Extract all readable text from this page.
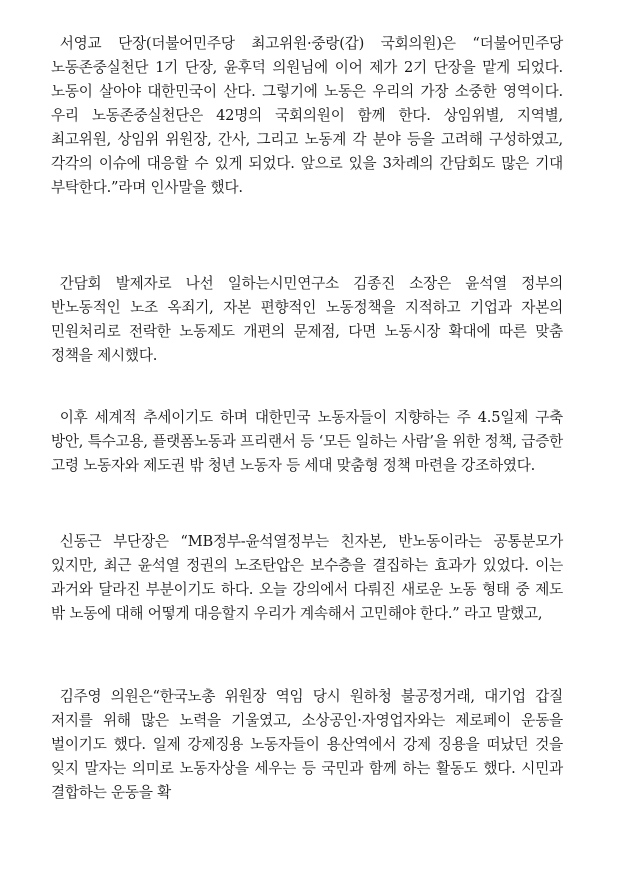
서영교 단장(더불어민주당 최고위원·중랑(갑) 국회의원)은 “더불어민주당 노동존중실천단 1기 단장, 윤후덕 의원님에 이어 제가 2기 단장을 맡게 되었다. 노동이 살아야 대한민국이 산다. 그렇기에 노동은 우리의 가장 소중한 영역이다. 우리 노동존중실천단은 42명의 국회의원이 함께 한다. 상임위별, 지역별, 최고위원, 상임위 위원장, 간사, 그리고 노동계 각 분야 등을 고려해 구성하였고, 각각의 이슈에 대응할 수 있게 되었다. 앞으로 있을 3차례의 간담회도 많은 기대 부탁한다.”라며 인사말을 했다.

간담회 발제자로 나선 일하는시민연구소 김종진 소장은 윤석열 정부의 반노동적인 노조 옥죄기, 자본 편향적인 노동정책을 지적하고 기업과 자본의 민원처리로 전락한 노동제도 개편의 문제점, 다면 노동시장 확대에 따른 맞춤 정책을 제시했다.

이후 세계적 추세이기도 하며 대한민국 노동자들이 지향하는 주 4.5일제 구축 방안, 특수고용, 플랫폼노동과 프리랜서 등 ‘모든 일하는 사람’을 위한 정책, 급증한 고령 노동자와 제도권 밖 청년 노동자 등 세대 맞춤형 정책 마련을 강조하였다.

신동근 부단장은 “MB정부-윤석열정부는 친자본, 반노동이라는 공통분모가 있지만, 최근 윤석열 정권의 노조탄압은 보수층을 결집하는 효과가 있었다. 이는 과거와 달라진 부분이기도 하다. 오늘 강의에서 다뤄진 새로운 노동 형태 중 제도 밖 노동에 대해 어떻게 대응할지 우리가 계속해서 고민해야 한다.” 라고 말했고,

김주영 의원은“한국노총 위원장 역임 당시 원하청 불공정거래, 대기업 갑질 저지를 위해 많은 노력을 기울였고, 소상공인·자영업자와는 제로페이 운동을 벌이기도 했다. 일제 강제징용 노동자들이 용산역에서 강제 징용을 떠났던 것을 잊지 말자는 의미로 노동자상을 세우는 등 국민과 함께 하는 활동도 했다. 시민과 결합하는 운동을 확
